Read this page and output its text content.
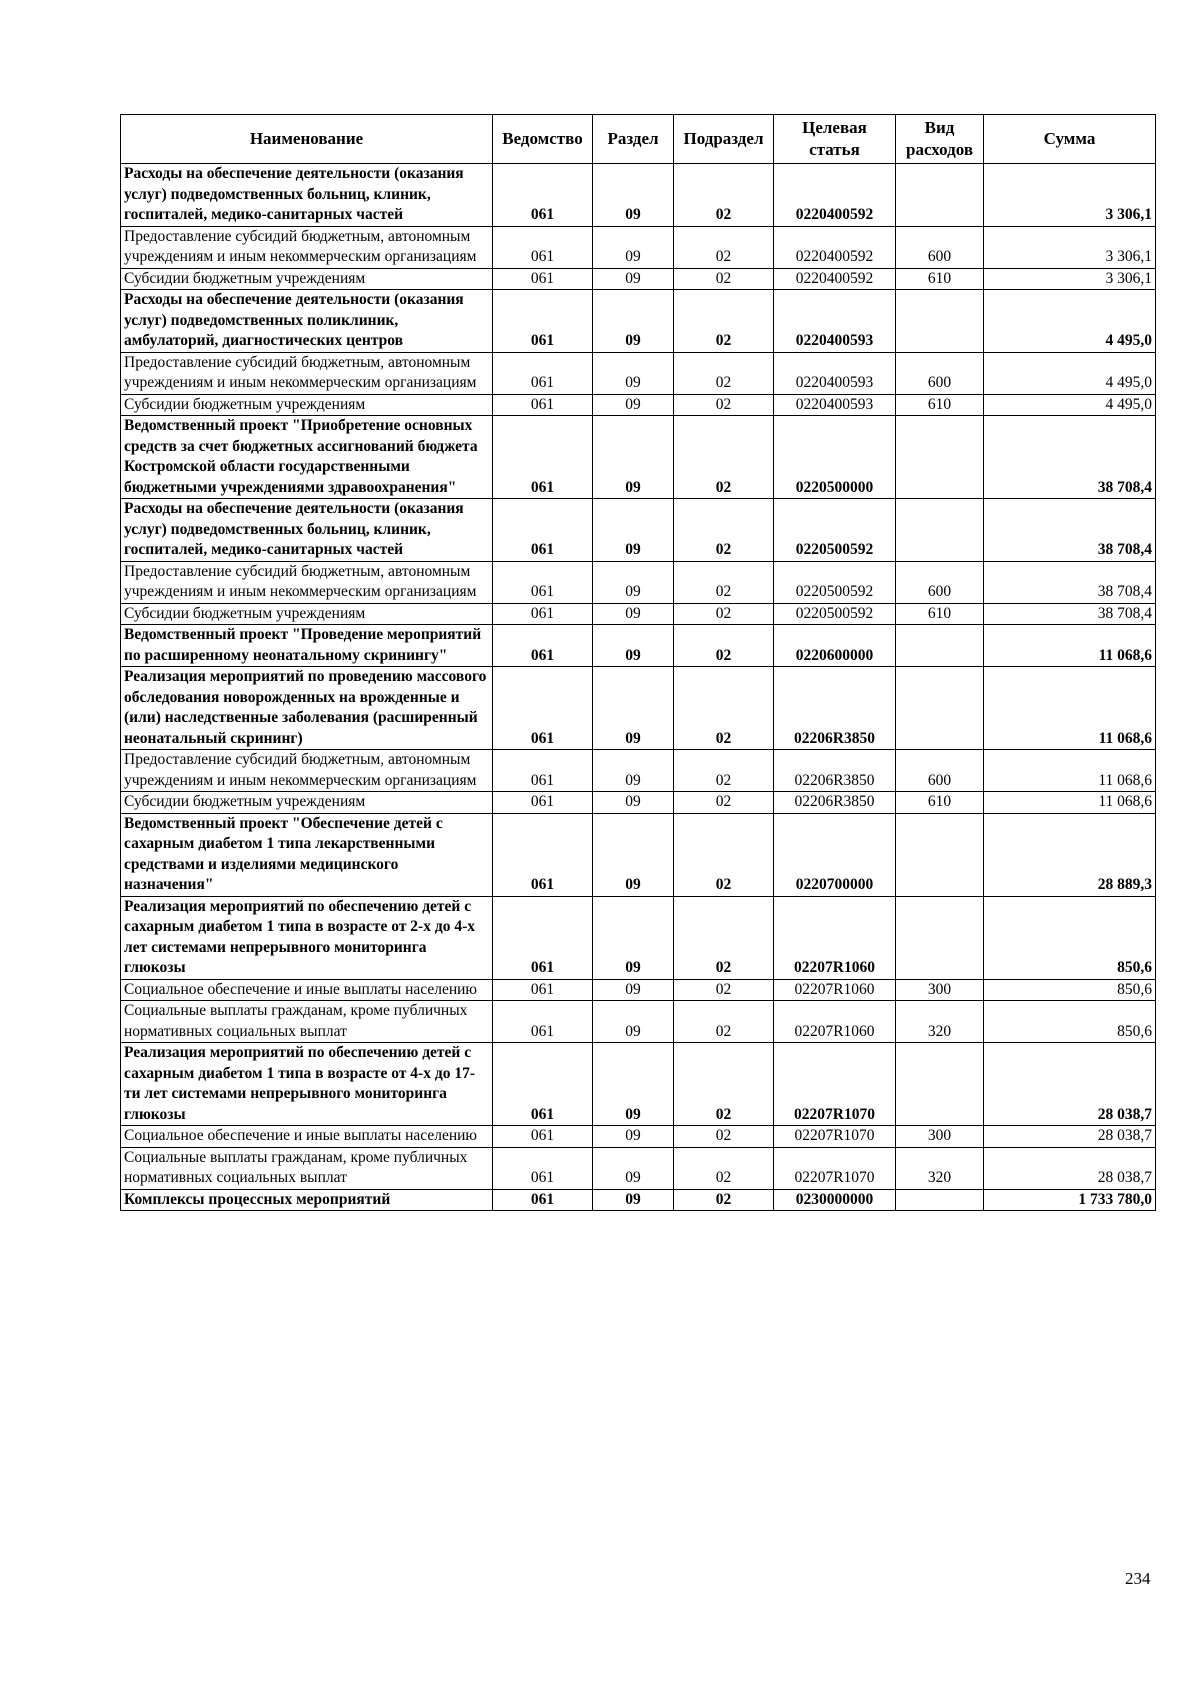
Наименование	Ведомство	Раздел	Подраздел	Целевая статья	Вид расходов	Сумма
Расходы на обеспечение деятельности (оказания услуг) подведомственных больниц, клиник, госпиталей, медико-санитарных частей	061	09	02	0220400592		3 306,1
Предоставление субсидий бюджетным, автономным учреждениям и иным некоммерческим организациям	061	09	02	0220400592	600	3 306,1
Субсидии бюджетным учреждениям	061	09	02	0220400592	610	3 306,1
Расходы на обеспечение деятельности (оказания услуг) подведомственных поликлиник, амбулаторий, диагностических центров	061	09	02	0220400593		4 495,0
Предоставление субсидий бюджетным, автономным учреждениям и иным некоммерческим организациям	061	09	02	0220400593	600	4 495,0
Субсидии бюджетным учреждениям	061	09	02	0220400593	610	4 495,0
Ведомственный проект "Приобретение основных средств за счет бюджетных ассигнований бюджета Костромской области государственными бюджетными учреждениями здравоохранения"	061	09	02	0220500000		38 708,4
Расходы на обеспечение деятельности (оказания услуг) подведомственных больниц, клиник, госпиталей, медико-санитарных частей	061	09	02	0220500592		38 708,4
Предоставление субсидий бюджетным, автономным учреждениям и иным некоммерческим организациям	061	09	02	0220500592	600	38 708,4
Субсидии бюджетным учреждениям	061	09	02	0220500592	610	38 708,4
Ведомственный проект "Проведение мероприятий по расширенному неонатальному скринингу"	061	09	02	0220600000		11 068,6
Реализация мероприятий по проведению массового обследования новорожденных на врожденные и (или) наследственные заболевания (расширенный неонатальный скрининг)	061	09	02	02206R3850		11 068,6
Предоставление субсидий бюджетным, автономным учреждениям и иным некоммерческим организациям	061	09	02	02206R3850	600	11 068,6
Субсидии бюджетным учреждениям	061	09	02	02206R3850	610	11 068,6
Ведомственный проект "Обеспечение детей с сахарным диабетом 1 типа лекарственными средствами и изделиями медицинского назначения"	061	09	02	0220700000		28 889,3
Реализация мероприятий по обеспечению детей с сахарным диабетом 1 типа в возрасте от 2-х до 4-х лет системами непрерывного мониторинга глюкозы	061	09	02	02207R1060		850,6
Социальное обеспечение и иные выплаты населению	061	09	02	02207R1060	300	850,6
Социальные выплаты гражданам, кроме публичных нормативных социальных выплат	061	09	02	02207R1060	320	850,6
Реализация мероприятий по обеспечению детей с сахарным диабетом 1 типа в возрасте от 4-х до 17-ти лет системами непрерывного мониторинга глюкозы	061	09	02	02207R1070		28 038,7
Социальное обеспечение и иные выплаты населению	061	09	02	02207R1070	300	28 038,7
Социальные выплаты гражданам, кроме публичных нормативных социальных выплат	061	09	02	02207R1070	320	28 038,7
Комплексы процессных мероприятий	061	09	02	0230000000		1 733 780,0
234
